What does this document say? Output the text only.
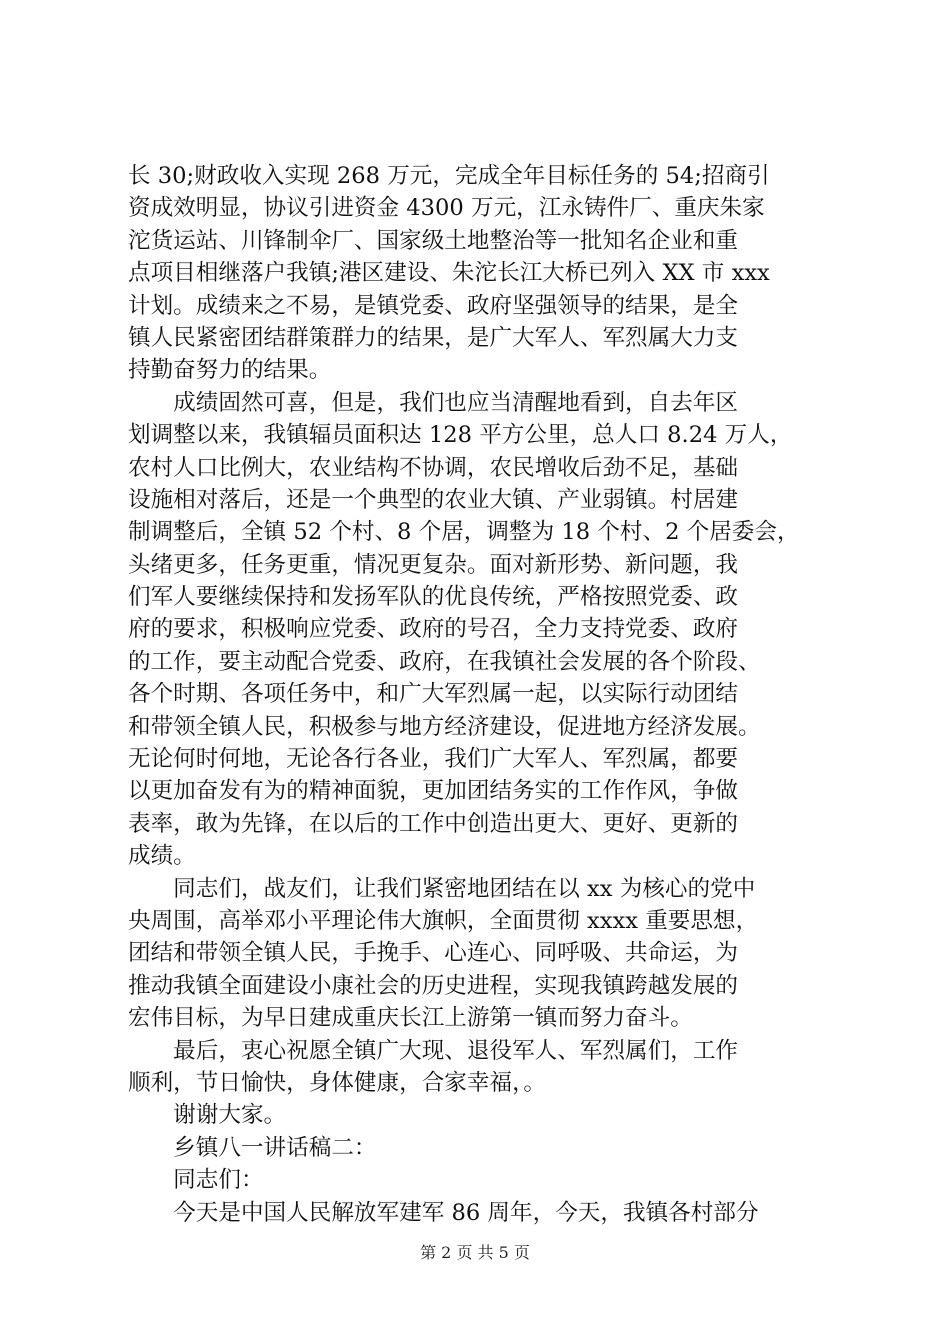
长 30;财政收入实现 268 万元，完成全年目标任务的 54;招商引
资成效明显，协议引进资金 4300 万元，江永铸件厂、重庆朱家
沱货运站、川锋制伞厂、国家级土地整治等一批知名企业和重
点项目相继落户我镇;港区建设、朱沱长江大桥已列入 XX 市 xxx
计划。成绩来之不易，是镇党委、政府坚强领导的结果，是全
镇人民紧密团结群策群力的结果，是广大军人、军烈属大力支
持勤奋努力的结果。
　　成绩固然可喜，但是，我们也应当清醒地看到，自去年区
划调整以来，我镇辐员面积达 128 平方公里，总人口 8.24 万人，
农村人口比例大，农业结构不协调，农民增收后劲不足，基础
设施相对落后，还是一个典型的农业大镇、产业弱镇。村居建
制调整后，全镇 52 个村、8 个居，调整为 18 个村、2 个居委会，
头绪更多，任务更重，情况更复杂。面对新形势、新问题，我
们军人要继续保持和发扬军队的优良传统，严格按照党委、政
府的要求，积极响应党委、政府的号召，全力支持党委、政府
的工作，要主动配合党委、政府，在我镇社会发展的各个阶段、
各个时期、各项任务中，和广大军烈属一起，以实际行动团结
和带领全镇人民，积极参与地方经济建设，促进地方经济发展。
无论何时何地，无论各行各业，我们广大军人、军烈属，都要
以更加奋发有为的精神面貌，更加团结务实的工作作风，争做
表率，敢为先锋，在以后的工作中创造出更大、更好、更新的
成绩。
　　同志们，战友们，让我们紧密地团结在以 xx 为核心的党中
央周围，高举邓小平理论伟大旗帜，全面贯彻 xxxx 重要思想，
团结和带领全镇人民，手挽手、心连心、同呼吸、共命运，为
推动我镇全面建设小康社会的历史进程，实现我镇跨越发展的
宏伟目标，为早日建成重庆长江上游第一镇而努力奋斗。
　　最后，衷心祝愿全镇广大现、退役军人、军烈属们，工作
顺利，节日愉快，身体健康，合家幸福，。
　　谢谢大家。
　　乡镇八一讲话稿二：
　　同志们：
　　今天是中国人民解放军建军 86 周年，今天，我镇各村部分
第 2 页 共 5 页
